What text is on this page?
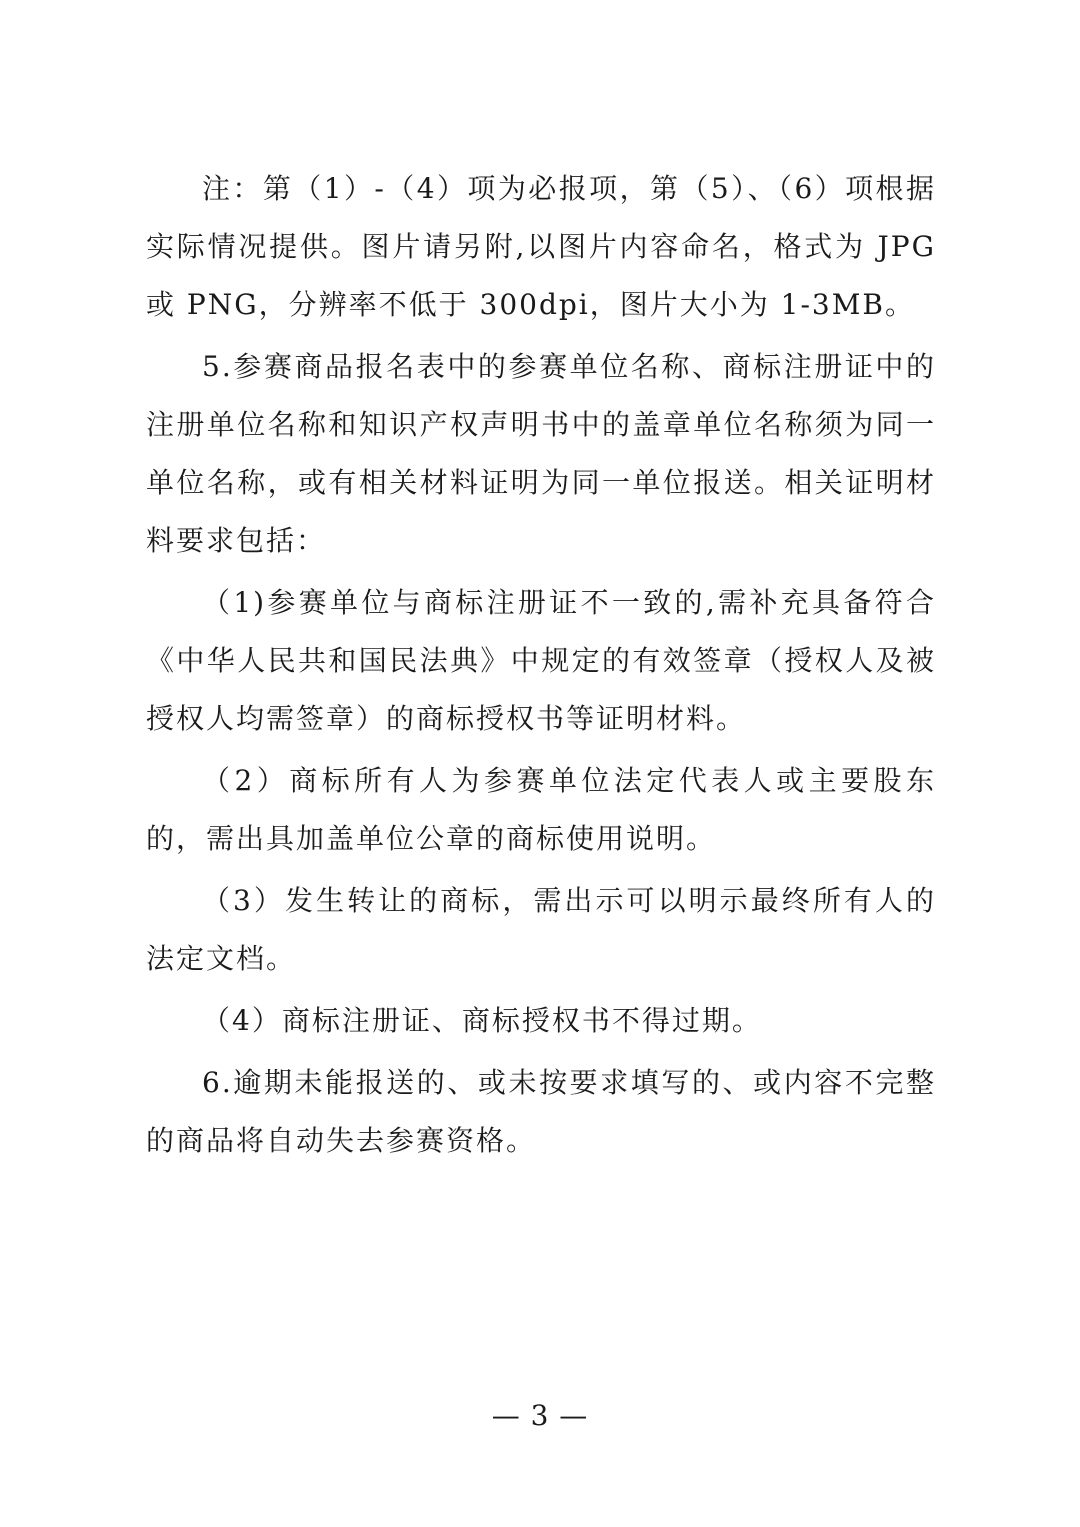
注：第（1）-（4）项为必报项，第（5）、（6）项根据实际情况提供。图片请另附,以图片内容命名，格式为 JPG 或 PNG，分辨率不低于 300dpi，图片大小为 1-3MB。

5.参赛商品报名表中的参赛单位名称、商标注册证中的注册单位名称和知识产权声明书中的盖章单位名称须为同一单位名称，或有相关材料证明为同一单位报送。相关证明材料要求包括：

（1)参赛单位与商标注册证不一致的,需补充具备符合《中华人民共和国民法典》中规定的有效签章（授权人及被授权人均需签章）的商标授权书等证明材料。

（2）商标所有人为参赛单位法定代表人或主要股东的，需出具加盖单位公章的商标使用说明。

（3）发生转让的商标，需出示可以明示最终所有人的法定文档。

（4）商标注册证、商标授权书不得过期。

6.逾期未能报送的、或未按要求填写的、或内容不完整的商品将自动失去参赛资格。

— 3 —
